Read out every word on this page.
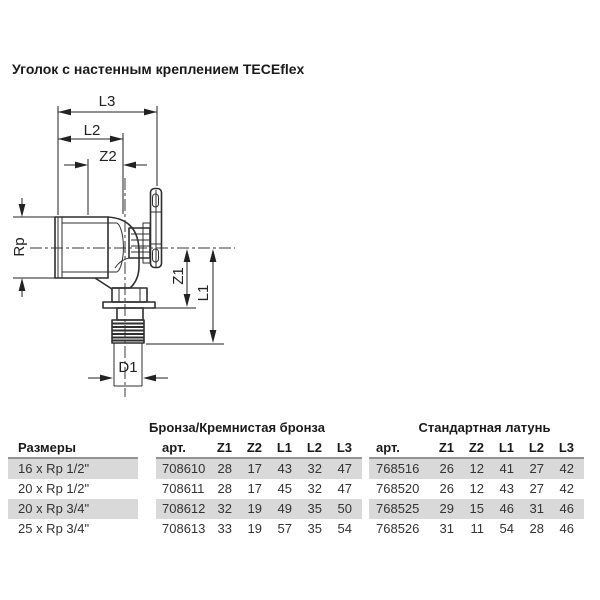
Уголок с настенным креплением TECEflex
L3
L2
Z2
Rp
Z1
L1
D1
Бронза/Кремнистая бронза	Стандартная латунь
Размеры	арт.	Z1	Z2	L1	L2	L3	арт.	Z1	Z2	L1	L2	L3
16 x Rp 1/2"	708610 28	17	43	32	47	768516	26	12	41	27	42
20 x Rp 1/2"	708611	28	17	45	32	47	768520	26	12	43	27	42
20 x Rp 3/4"	708612 32	19	49	35	50	768525	29	15	46	31	46
25 x Rp 3/4"	708613 33	19	57	35	54	768526	31	11	54	28	46
